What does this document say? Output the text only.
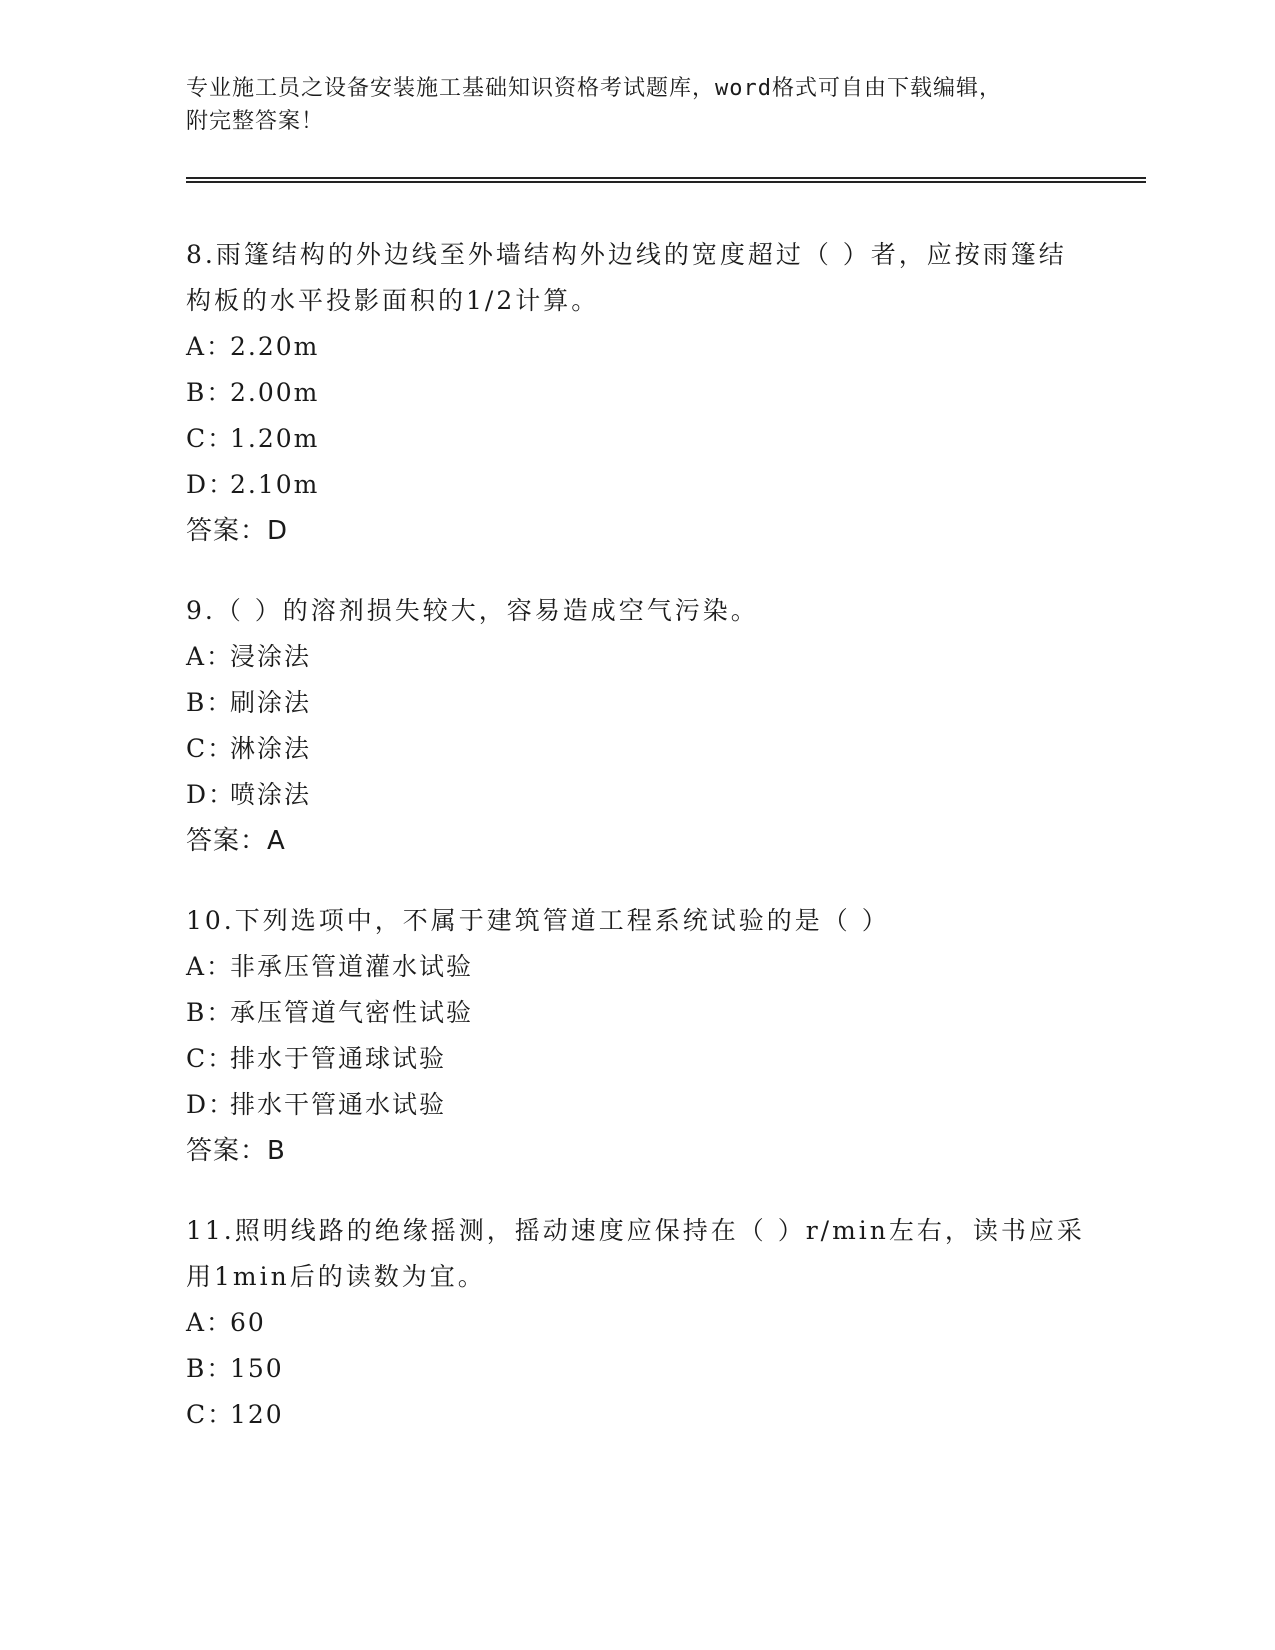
专业施工员之设备安装施工基础知识资格考试题库，word格式可自由下载编辑，
附完整答案！

8.雨篷结构的外边线至外墙结构外边线的宽度超过（ ）者，应按雨篷结构板的水平投影面积的1/2计算。

A：2.20m

B：2.00m

C：1.20m

D：2.10m

答案：D

9.（ ）的溶剂损失较大，容易造成空气污染。

A：浸涂法

B：刷涂法

C：淋涂法

D：喷涂法

答案：A

10.下列选项中，不属于建筑管道工程系统试验的是（ ）

A：非承压管道灌水试验

B：承压管道气密性试验

C：排水于管通球试验

D：排水干管通水试验

答案：B

11.照明线路的绝缘摇测，摇动速度应保持在（ ）r/min左右，读书应采用1min后的读数为宜。

A：60

B：150

C：120
